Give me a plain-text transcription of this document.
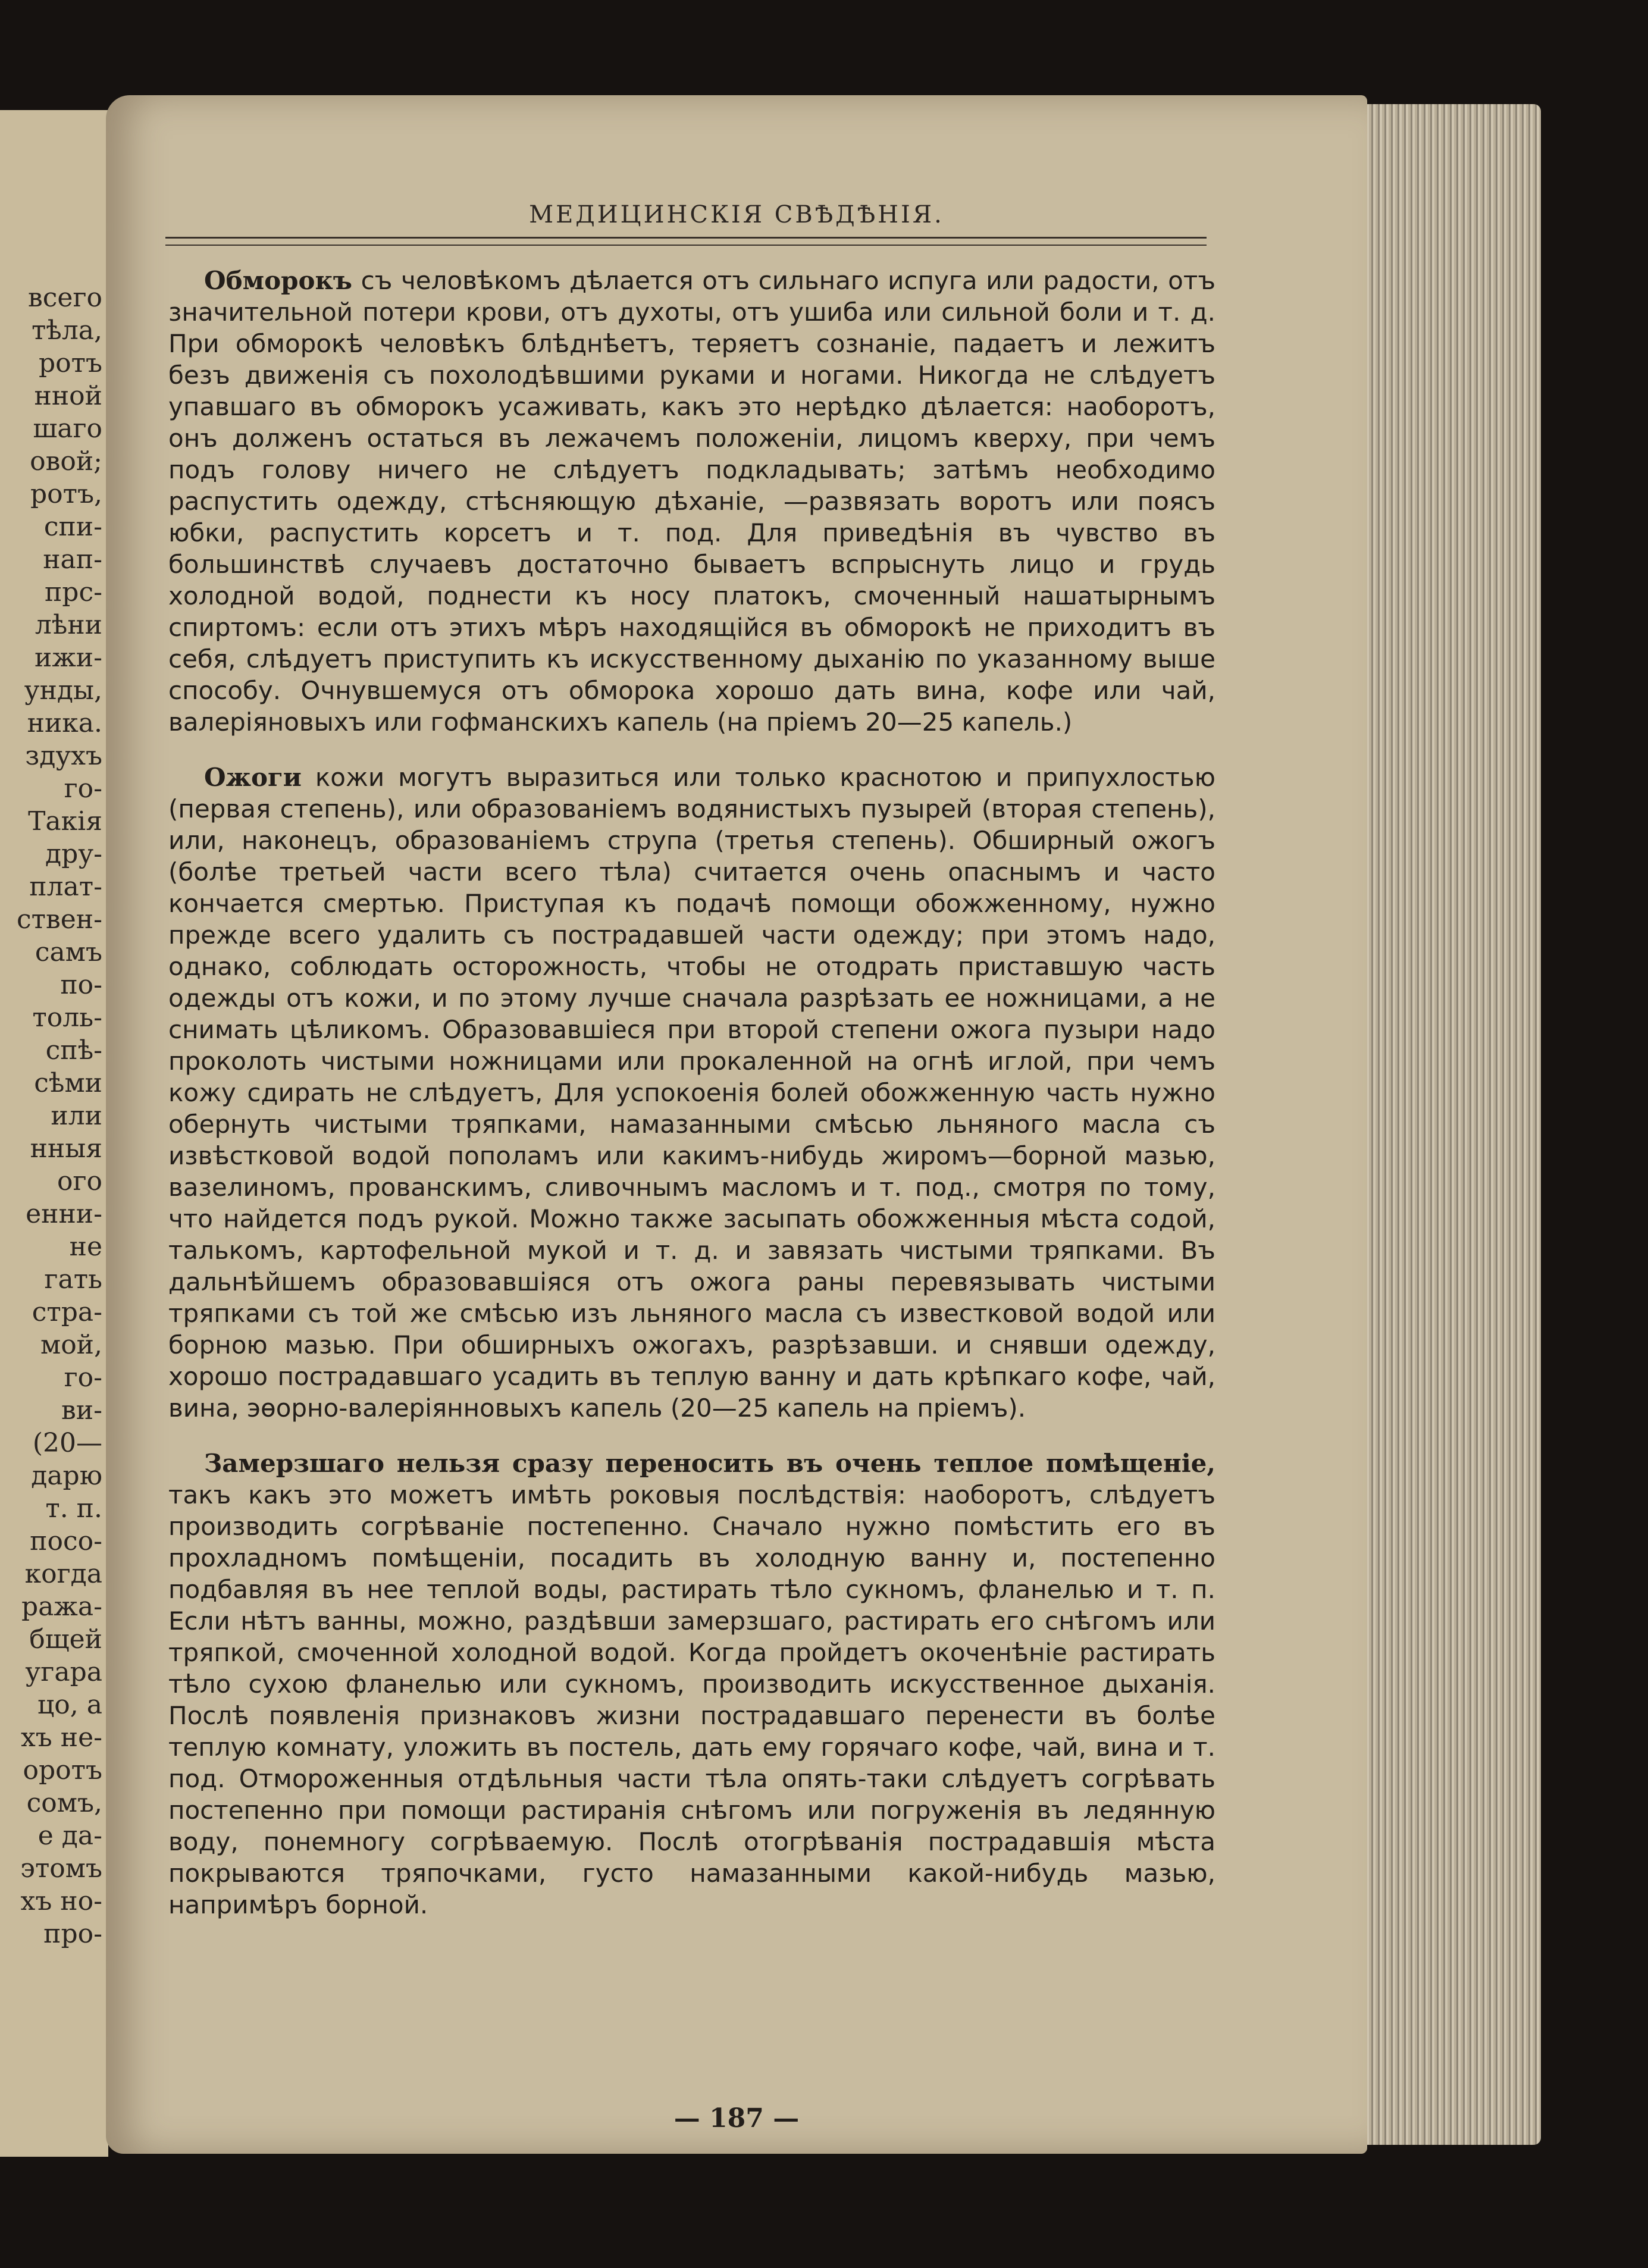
всего
тѣла,
ротъ
нной
шаго
овой;
ротъ,
спи-
нап-
прс-
лѣни
ижи-
унды,
ника.
здухъ
го-
Такія
дру-
плат-
ствен-
самъ
по-
толь-
спѣ-
сѣми
или
нныя
ого
енни-
не
гать
стра-
мой,
го-
ви-
(20—
дарю
т. п.
посо-
когда
ража-
бщей
угара
цо, а
хъ не-
оротъ
сомъ,
е да-
этомъ
хъ но-
про-
МЕДИЦИНСКІЯ СВѢДѢНІЯ.

Обморокъ съ человѣкомъ дѣлается отъ сильнаго испуга или радости, отъ значительной потери крови, отъ духоты, отъ ушиба или сильной боли и т. д. При обморокѣ человѣкъ блѣднѣетъ, теряетъ сознаніе, падаетъ и лежитъ безъ движенія съ похолодѣвшими руками и ногами. Никогда не слѣдуетъ упавшаго въ обморокъ усаживать, какъ это нерѣдко дѣлается: наоборотъ, онъ долженъ остаться въ лежачемъ положеніи, лицомъ кверху, при чемъ подъ голову ничего не слѣдуетъ подкладывать; затѣмъ необходимо распустить одежду, стѣсняющую дѣханіе, —развязать воротъ или поясъ юбки, распустить корсетъ и т. под. Для приведѣнія въ чувство въ большинствѣ случаевъ достаточно бываетъ вспрыснуть лицо и грудь холодной водой, поднести къ носу платокъ, смоченный нашатырнымъ спиртомъ: если отъ этихъ мѣръ находящійся въ обморокѣ не приходитъ въ себя, слѣдуетъ приступить къ искусственному дыханію по указанному выше способу. Очнувшемуся отъ обморока хорошо дать вина, кофе или чай, валеріяновыхъ или гофманскихъ капель (на пріемъ 20—25 капель.)

Ожоги кожи могутъ выразиться или только краснотою и припухлостью (первая степень), или образованіемъ водянистыхъ пузырей (вторая степень), или, наконецъ, образованіемъ струпа (третья степень). Обширный ожогъ (болѣе третьей части всего тѣла) считается очень опаснымъ и часто кончается смертью. Приступая къ подачѣ помощи обожженному, нужно прежде всего удалить съ пострадавшей части одежду; при этомъ надо, однако, соблюдать осторожность, чтобы не отодрать приставшую часть одежды отъ кожи, и по этому лучше сначала разрѣзать ее ножницами, а не снимать цѣликомъ. Образовавшіеся при второй степени ожога пузыри надо проколоть чистыми ножницами или прокаленной на огнѣ иглой, при чемъ кожу сдирать не слѣдуетъ, Для успокоенія болей обожженную часть нужно обернуть чистыми тряпками, намазанными смѣсью льняного масла съ извѣстковой водой пополамъ или какимъ-нибудь жиромъ—борной мазью, вазелиномъ, прованскимъ, сливочнымъ масломъ и т. под., смотря по тому, что найдется подъ рукой. Можно также засыпать обожженныя мѣста содой, талькомъ, картофельной мукой и т. д. и завязать чистыми тряпками. Въ дальнѣйшемъ образовавшіяся отъ ожога раны перевязывать чистыми тряпками съ той же смѣсью изъ льняного масла съ известковой водой или борною мазью. При обширныхъ ожогахъ, разрѣзавши. и снявши одежду, хорошо пострадавшаго усадить въ теплую ванну и дать крѣпкаго кофе, чай, вина, эѳорно-валеріянновыхъ капель (20—25 капель на пріемъ).

Замерзшаго нельзя сразу переносить въ очень теплое помѣщеніе, такъ какъ это можетъ имѣть роковыя послѣдствія: наоборотъ, слѣдуетъ производить согрѣваніе постепенно. Сначало нужно помѣстить его въ прохладномъ помѣщеніи, посадить въ холодную ванну и, постепенно подбавляя въ нее теплой воды, растирать тѣло сукномъ, фланелью и т. п. Если нѣтъ ванны, можно, раздѣвши замерзшаго, растирать его снѣгомъ или тряпкой, смоченной холодной водой. Когда пройдетъ окоченѣніе растирать тѣло сухою фланелью или сукномъ, производить искусственное дыханія. Послѣ появленія признаковъ жизни пострадавшаго перенести въ болѣе теплую комнату, уложить въ постель, дать ему горячаго кофе, чай, вина и т. под. Отмороженныя отдѣльныя части тѣла опять-таки слѣдуетъ согрѣвать постепенно при помощи растиранія снѣгомъ или погруженія въ ледянную воду, понемногу согрѣваемую. Послѣ отогрѣванія пострадавшія мѣста покрываются тряпочками, густо намазанными какой-нибудь мазью, напримѣръ борной.

— 187 —
